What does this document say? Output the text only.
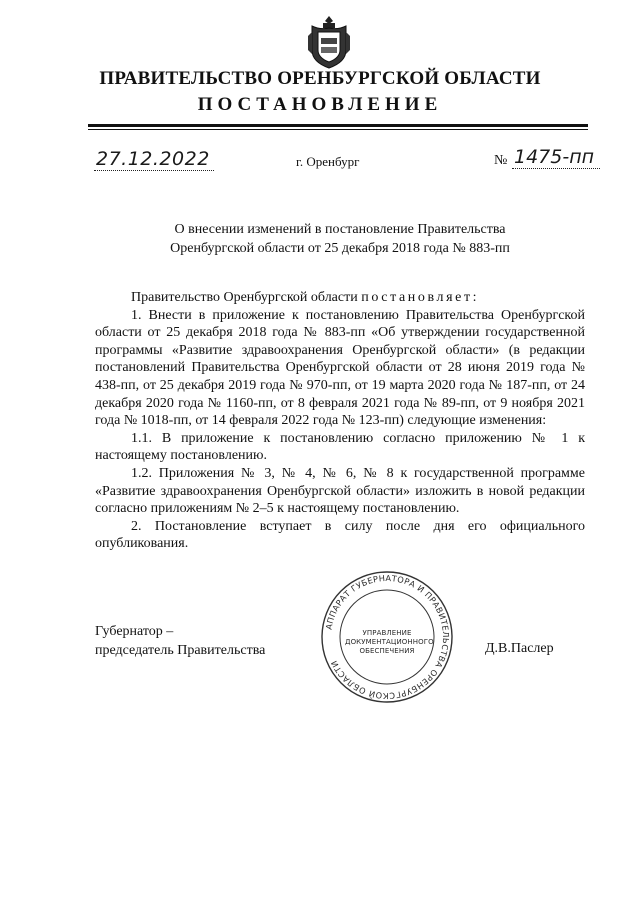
ПРАВИТЕЛЬСТВО ОРЕНБУРГСКОЙ ОБЛАСТИ
ПОСТАНОВЛЕНИЕ
27.12.2022	г. Оренбург	№ 1475-пп
О внесении изменений в постановление Правительства
Оренбургской области от 25 декабря 2018 года № 883-пп

Правительство Оренбургской области постановляет:

1. Внести в приложение к постановлению Правительства Оренбургской области от 25 декабря 2018 года № 883-пп «Об утверждении государственной программы «Развитие здравоохранения Оренбургской области» (в редакции постановлений Правительства Оренбургской области от 28 июня 2019 года № 438-пп, от 25 декабря 2019 года № 970-пп, от 19 марта 2020 года № 187-пп, от 24 декабря 2020 года № 1160-пп, от 8 февраля 2021 года № 89-пп, от 9 ноября 2021 года № 1018-пп, от 14 февраля 2022 года № 123-пп) следующие изменения:

1.1. В приложение к постановлению согласно приложению № 1 к настоящему постановлению.

1.2. Приложения № 3, № 4, № 6, № 8 к государственной программе «Развитие здравоохранения Оренбургской области» изложить в новой редакции согласно приложениям № 2–5 к настоящему постановлению.

2. Постановление вступает в силу после дня его официального опубликования.

Губернатор –
председатель Правительства	Д.В.Паслер
АППАРАТ ГУБЕРНАТОРА И ПРАВИТЕЛЬСТВА ОРЕНБУРГСКОЙ ОБЛАСТИ
УПРАВЛЕНИЕ
ДОКУМЕНТАЦИОННОГО
ОБЕСПЕЧЕНИЯ
